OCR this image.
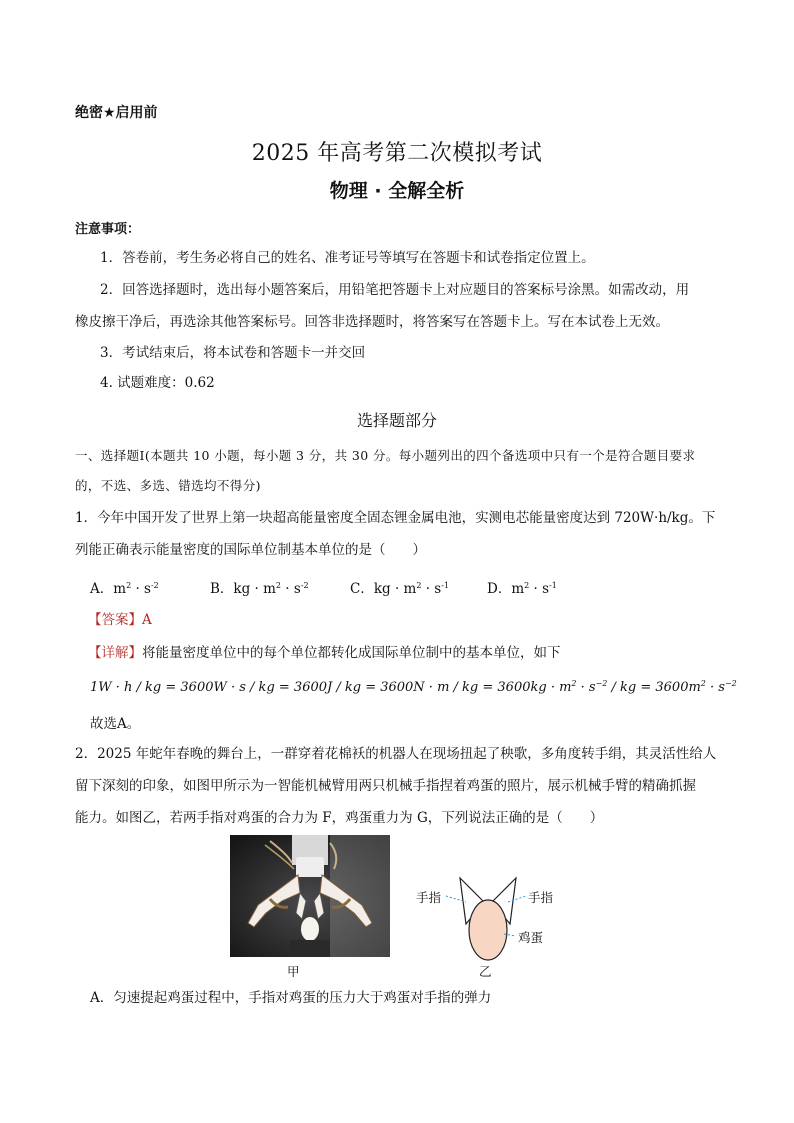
绝密★启用前
2025 年高考第二次模拟考试
物理 · 全解全析
注意事项：
1．答卷前，考生务必将自己的姓名、准考证号等填写在答题卡和试卷指定位置上。
2．回答选择题时，选出每小题答案后，用铅笔把答题卡上对应题目的答案标号涂黑。如需改动，用
橡皮擦干净后，再选涂其他答案标号。回答非选择题时，将答案写在答题卡上。写在本试卷上无效。
3．考试结束后，将本试卷和答题卡一并交回
4. 试题难度：0.62
选择题部分
一、选择题Ⅰ(本题共 10 小题，每小题 3 分，共 30 分。每小题列出的四个备选项中只有一个是符合题目要求
的，不选、多选、错选均不得分)
1．今年中国开发了世界上第一块超高能量密度全固态锂金属电池，实测电芯能量密度达到 720W·h/kg。下
列能正确表示能量密度的国际单位制基本单位的是（　　）
A．$m^2 \cdot s^{-2}$	B．kg · $m^2 \cdot s^{-2}$	C．kg · $m^2 \cdot s^{-1}$	D．$m^2 \cdot s^{-1}$
【答案】A
【详解】将能量密度单位中的每个单位都转化成国际单位制中的基本单位，如下
1W · h / kg = 3600W · s / kg = 3600J / kg = 3600N · m / kg = $3600kg \cdot m^2 \cdot s^{-2}$ / kg = $3600m^2 \cdot s^{-2}$
故选A。
2．2025 年蛇年春晚的舞台上，一群穿着花棉袄的机器人在现场扭起了秧歌，多角度转手绢，其灵活性给人
留下深刻的印象，如图甲所示为一智能机械臂用两只机械手指捏着鸡蛋的照片，展示机械手臂的精确抓握
能力。如图乙，若两手指对鸡蛋的合力为 F，鸡蛋重力为 G，下列说法正确的是（　　）
甲
手指	手指
鸡蛋
乙
A．匀速提起鸡蛋过程中，手指对鸡蛋的压力大于鸡蛋对手指的弹力
